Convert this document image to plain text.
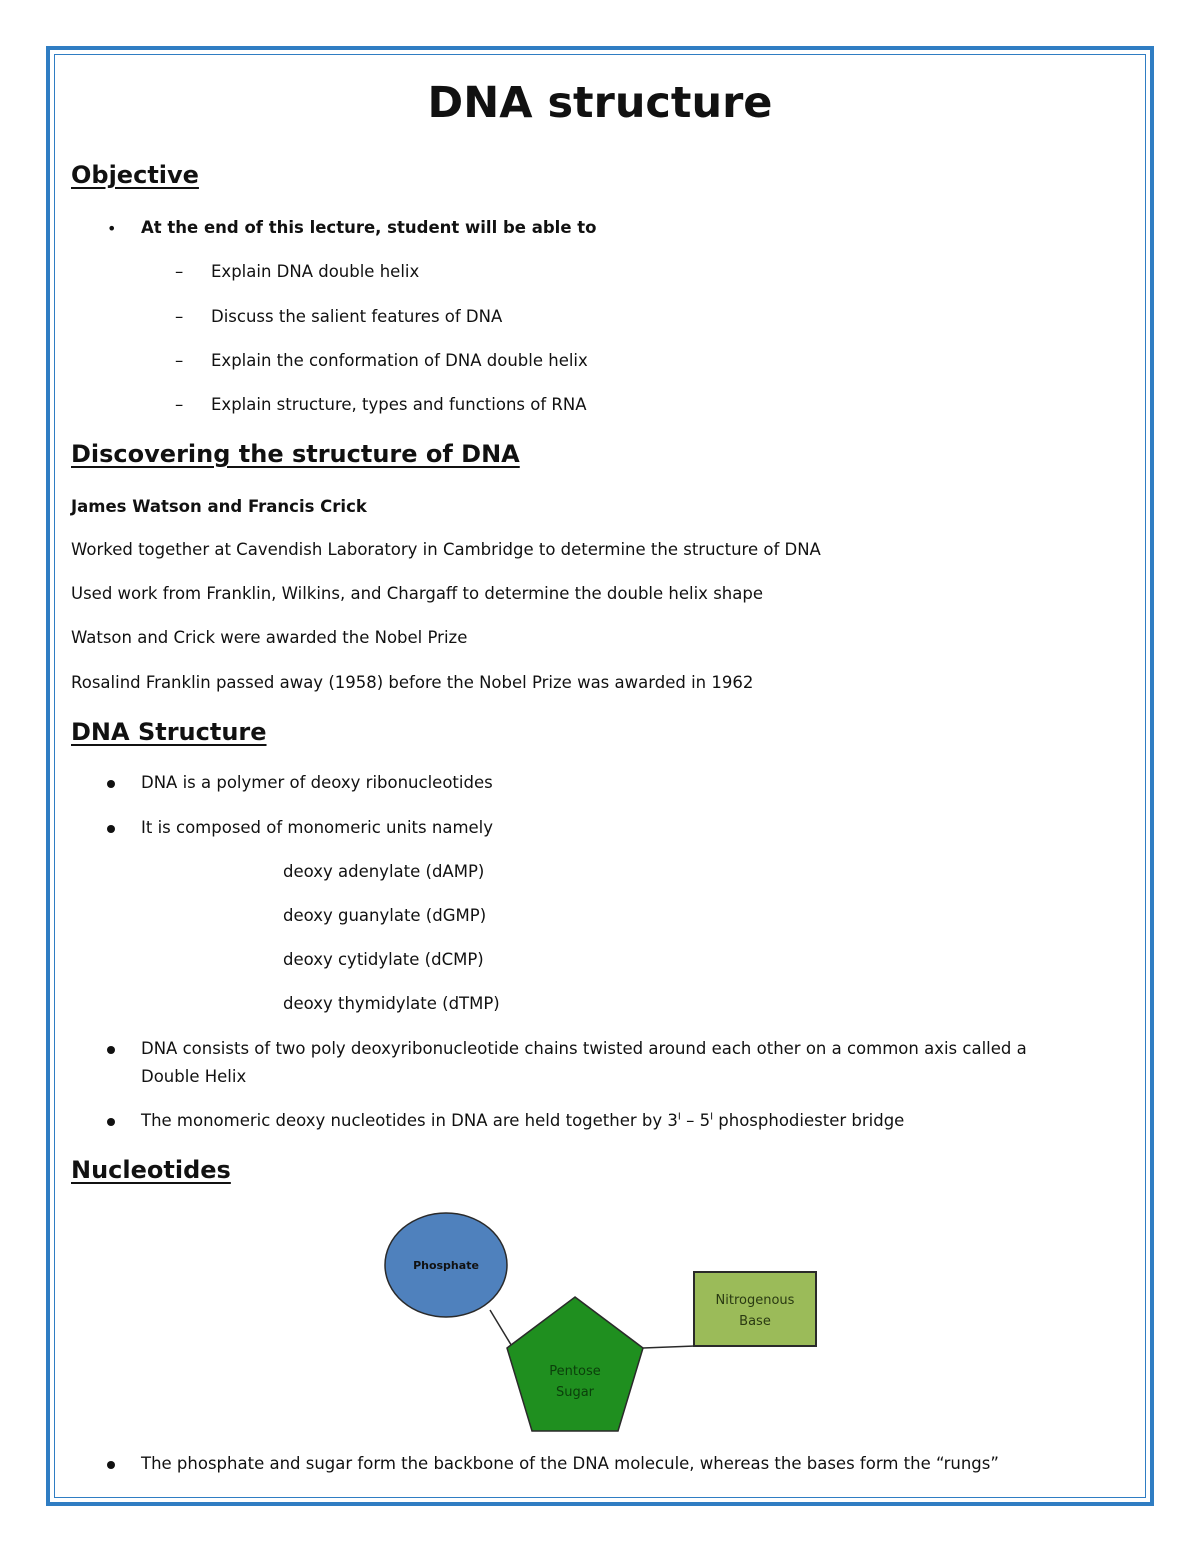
DNA structure
Objective
• At the end of this lecture, student will be able to
– Explain DNA double helix
– Discuss the salient features of DNA
– Explain the conformation of DNA double helix
– Explain structure, types and functions of RNA
Discovering the structure of DNA
James Watson and Francis Crick
Worked together at Cavendish Laboratory in Cambridge to determine the structure of DNA
Used work from Franklin, Wilkins, and Chargaff to determine the double helix shape
Watson and Crick were awarded the Nobel Prize
Rosalind Franklin passed away (1958) before the Nobel Prize was awarded in 1962
DNA Structure
DNA is a polymer of deoxy ribonucleotides
It is composed of monomeric units namely
deoxy adenylate (dAMP)
deoxy guanylate (dGMP)
deoxy cytidylate (dCMP)
deoxy thymidylate (dTMP)
DNA consists of two poly deoxyribonucleotide chains twisted around each other on a common axis called a
Double Helix
The monomeric deoxy nucleotides in DNA are held together by $3^I - 5^I$ phosphodiester bridge
Nucleotides
Phosphate
Pentose
Sugar
Nitrogenous
Base
The phosphate and sugar form the backbone of the DNA molecule, whereas the bases form the “rungs”
